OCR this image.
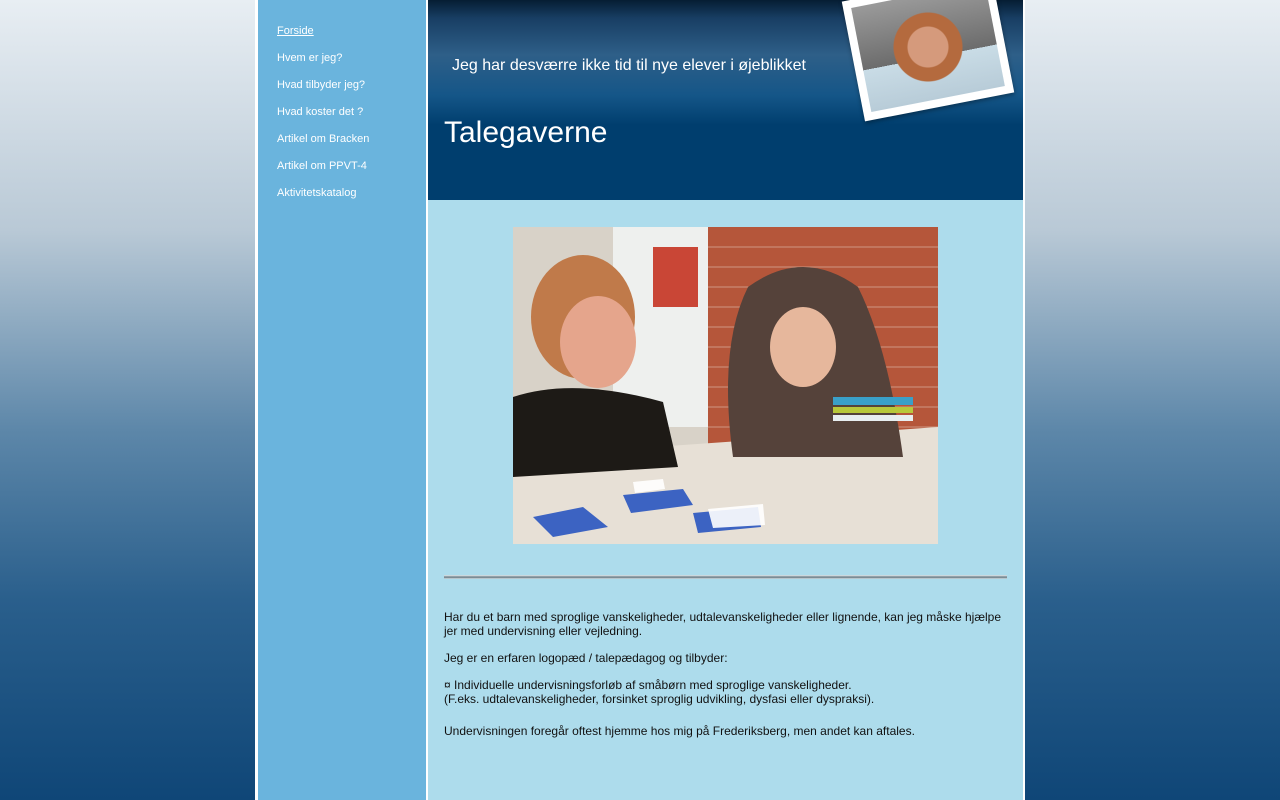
Forside
Hvem er jeg?
Hvad tilbyder jeg?
Hvad koster det ?
Artikel om Bracken
Artikel om PPVT-4
Aktivitetskatalog
Jeg har desværre ikke tid til nye elever i øjeblikket
Talegaverne

Har du et barn med sproglige vanskeligheder, udtalevanskeligheder eller lignende, kan jeg måske hjælpe jer med undervisning eller vejledning.

Jeg er en erfaren logopæd / talepædagog og tilbyder:

¤ Individuelle undervisningsforløb af småbørn med sproglige vanskeligheder.

(F.eks. udtalevanskeligheder, forsinket sproglig udvikling, dysfasi eller dyspraksi).

Undervisningen foregår oftest hjemme hos mig på Frederiksberg, men andet kan aftales.
